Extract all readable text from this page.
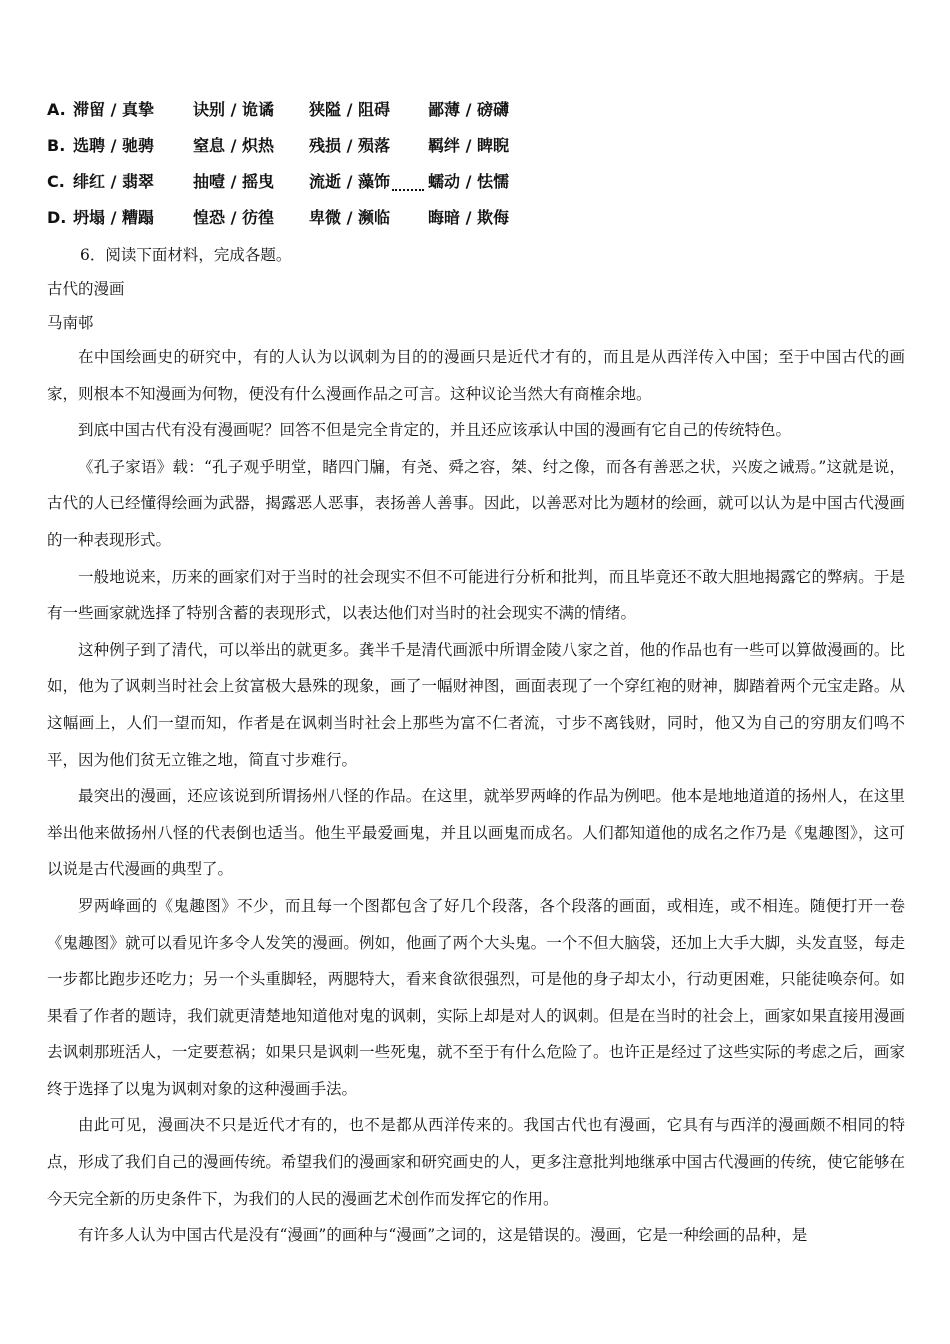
A. 滞留 / 真挚 诀别 / 诡谲 狭隘 / 阻碍 鄙薄 / 磅礴
B. 选聘 / 驰骋 窒息 / 炽热 残损 / 殒落 羁绊 / 睥睨
C. 绯红 / 翡翠 抽噎 / 摇曳 流逝 / 藻饰 蠕动 / 怯懦
D. 坍塌 / 糟蹋 惶恐 / 彷徨 卑微 / 濒临 晦暗 / 欺侮
6．阅读下面材料，完成各题。
古代的漫画
马南邨

在中国绘画史的研究中，有的人认为以讽刺为目的的漫画只是近代才有的，而且是从西洋传入中国；至于中国古代的画家，则根本不知漫画为何物，便没有什么漫画作品之可言。这种议论当然大有商榷余地。

到底中国古代有没有漫画呢？回答不但是完全肯定的，并且还应该承认中国的漫画有它自己的传统特色。

《孔子家语》载：“孔子观乎明堂，睹四门牖，有尧、舜之容，桀、纣之像，而各有善恶之状，兴废之诫焉。”这就是说，古代的人已经懂得绘画为武器，揭露恶人恶事，表扬善人善事。因此，以善恶对比为题材的绘画，就可以认为是中国古代漫画的一种表现形式。

一般地说来，历来的画家们对于当时的社会现实不但不可能进行分析和批判，而且毕竟还不敢大胆地揭露它的弊病。于是有一些画家就选择了特别含蓄的表现形式，以表达他们对当时的社会现实不满的情绪。

这种例子到了清代，可以举出的就更多。龚半千是清代画派中所谓金陵八家之首，他的作品也有一些可以算做漫画的。比如，他为了讽刺当时社会上贫富极大悬殊的现象，画了一幅财神图，画面表现了一个穿红袍的财神，脚踏着两个元宝走路。从这幅画上，人们一望而知，作者是在讽刺当时社会上那些为富不仁者流，寸步不离钱财，同时，他又为自己的穷朋友们鸣不平，因为他们贫无立锥之地，简直寸步难行。

最突出的漫画，还应该说到所谓扬州八怪的作品。在这里，就举罗两峰的作品为例吧。他本是地地道道的扬州人，在这里举出他来做扬州八怪的代表倒也适当。他生平最爱画鬼，并且以画鬼而成名。人们都知道他的成名之作乃是《鬼趣图》，这可以说是古代漫画的典型了。

罗两峰画的《鬼趣图》不少，而且每一个图都包含了好几个段落，各个段落的画面，或相连，或不相连。随便打开一卷《鬼趣图》就可以看见许多令人发笑的漫画。例如，他画了两个大头鬼。一个不但大脑袋，还加上大手大脚，头发直竖，每走一步都比跑步还吃力；另一个头重脚轻，两腮特大，看来食欲很强烈，可是他的身子却太小，行动更困难，只能徒唤奈何。如果看了作者的题诗，我们就更清楚地知道他对鬼的讽刺，实际上却是对人的讽刺。但是在当时的社会上，画家如果直接用漫画去讽刺那班活人，一定要惹祸；如果只是讽刺一些死鬼，就不至于有什么危险了。也许正是经过了这些实际的考虑之后，画家终于选择了以鬼为讽刺对象的这种漫画手法。

由此可见，漫画决不只是近代才有的，也不是都从西洋传来的。我国古代也有漫画，它具有与西洋的漫画颇不相同的特点，形成了我们自己的漫画传统。希望我们的漫画家和研究画史的人，更多注意批判地继承中国古代漫画的传统，使它能够在今天完全新的历史条件下，为我们的人民的漫画艺术创作而发挥它的作用。

有许多人认为中国古代是没有“漫画”的画种与“漫画”之词的，这是错误的。漫画，它是一种绘画的品种，是
